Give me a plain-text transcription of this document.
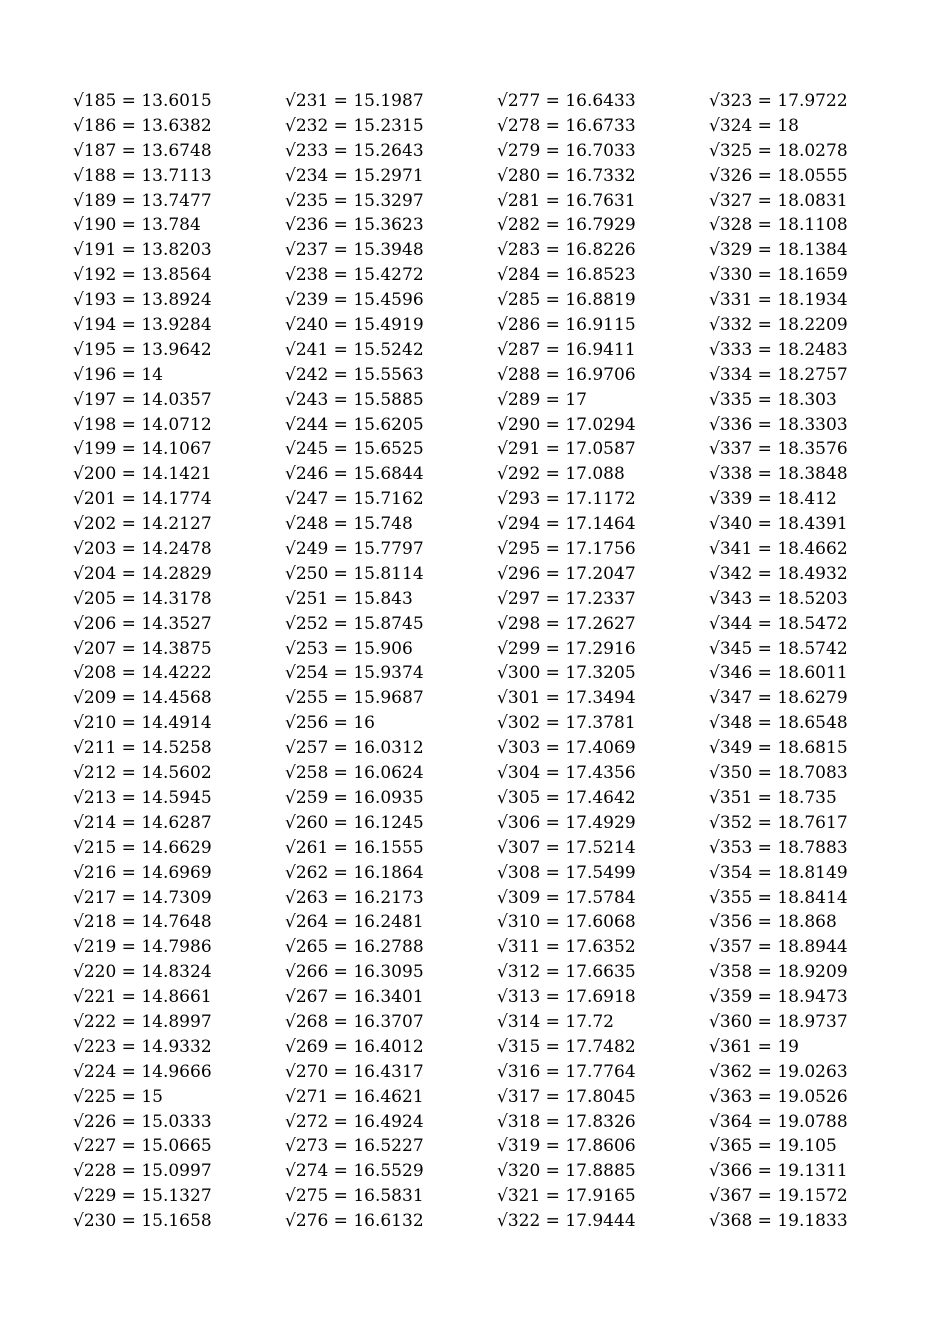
√185 = 13.6015
√186 = 13.6382
√187 = 13.6748
√188 = 13.7113
√189 = 13.7477
√190 = 13.784
√191 = 13.8203
√192 = 13.8564
√193 = 13.8924
√194 = 13.9284
√195 = 13.9642
√196 = 14
√197 = 14.0357
√198 = 14.0712
√199 = 14.1067
√200 = 14.1421
√201 = 14.1774
√202 = 14.2127
√203 = 14.2478
√204 = 14.2829
√205 = 14.3178
√206 = 14.3527
√207 = 14.3875
√208 = 14.4222
√209 = 14.4568
√210 = 14.4914
√211 = 14.5258
√212 = 14.5602
√213 = 14.5945
√214 = 14.6287
√215 = 14.6629
√216 = 14.6969
√217 = 14.7309
√218 = 14.7648
√219 = 14.7986
√220 = 14.8324
√221 = 14.8661
√222 = 14.8997
√223 = 14.9332
√224 = 14.9666
√225 = 15
√226 = 15.0333
√227 = 15.0665
√228 = 15.0997
√229 = 15.1327
√230 = 15.1658
√231 = 15.1987
√232 = 15.2315
√233 = 15.2643
√234 = 15.2971
√235 = 15.3297
√236 = 15.3623
√237 = 15.3948
√238 = 15.4272
√239 = 15.4596
√240 = 15.4919
√241 = 15.5242
√242 = 15.5563
√243 = 15.5885
√244 = 15.6205
√245 = 15.6525
√246 = 15.6844
√247 = 15.7162
√248 = 15.748
√249 = 15.7797
√250 = 15.8114
√251 = 15.843
√252 = 15.8745
√253 = 15.906
√254 = 15.9374
√255 = 15.9687
√256 = 16
√257 = 16.0312
√258 = 16.0624
√259 = 16.0935
√260 = 16.1245
√261 = 16.1555
√262 = 16.1864
√263 = 16.2173
√264 = 16.2481
√265 = 16.2788
√266 = 16.3095
√267 = 16.3401
√268 = 16.3707
√269 = 16.4012
√270 = 16.4317
√271 = 16.4621
√272 = 16.4924
√273 = 16.5227
√274 = 16.5529
√275 = 16.5831
√276 = 16.6132
√277 = 16.6433
√278 = 16.6733
√279 = 16.7033
√280 = 16.7332
√281 = 16.7631
√282 = 16.7929
√283 = 16.8226
√284 = 16.8523
√285 = 16.8819
√286 = 16.9115
√287 = 16.9411
√288 = 16.9706
√289 = 17
√290 = 17.0294
√291 = 17.0587
√292 = 17.088
√293 = 17.1172
√294 = 17.1464
√295 = 17.1756
√296 = 17.2047
√297 = 17.2337
√298 = 17.2627
√299 = 17.2916
√300 = 17.3205
√301 = 17.3494
√302 = 17.3781
√303 = 17.4069
√304 = 17.4356
√305 = 17.4642
√306 = 17.4929
√307 = 17.5214
√308 = 17.5499
√309 = 17.5784
√310 = 17.6068
√311 = 17.6352
√312 = 17.6635
√313 = 17.6918
√314 = 17.72
√315 = 17.7482
√316 = 17.7764
√317 = 17.8045
√318 = 17.8326
√319 = 17.8606
√320 = 17.8885
√321 = 17.9165
√322 = 17.9444
√323 = 17.9722
√324 = 18
√325 = 18.0278
√326 = 18.0555
√327 = 18.0831
√328 = 18.1108
√329 = 18.1384
√330 = 18.1659
√331 = 18.1934
√332 = 18.2209
√333 = 18.2483
√334 = 18.2757
√335 = 18.303
√336 = 18.3303
√337 = 18.3576
√338 = 18.3848
√339 = 18.412
√340 = 18.4391
√341 = 18.4662
√342 = 18.4932
√343 = 18.5203
√344 = 18.5472
√345 = 18.5742
√346 = 18.6011
√347 = 18.6279
√348 = 18.6548
√349 = 18.6815
√350 = 18.7083
√351 = 18.735
√352 = 18.7617
√353 = 18.7883
√354 = 18.8149
√355 = 18.8414
√356 = 18.868
√357 = 18.8944
√358 = 18.9209
√359 = 18.9473
√360 = 18.9737
√361 = 19
√362 = 19.0263
√363 = 19.0526
√364 = 19.0788
√365 = 19.105
√366 = 19.1311
√367 = 19.1572
√368 = 19.1833
